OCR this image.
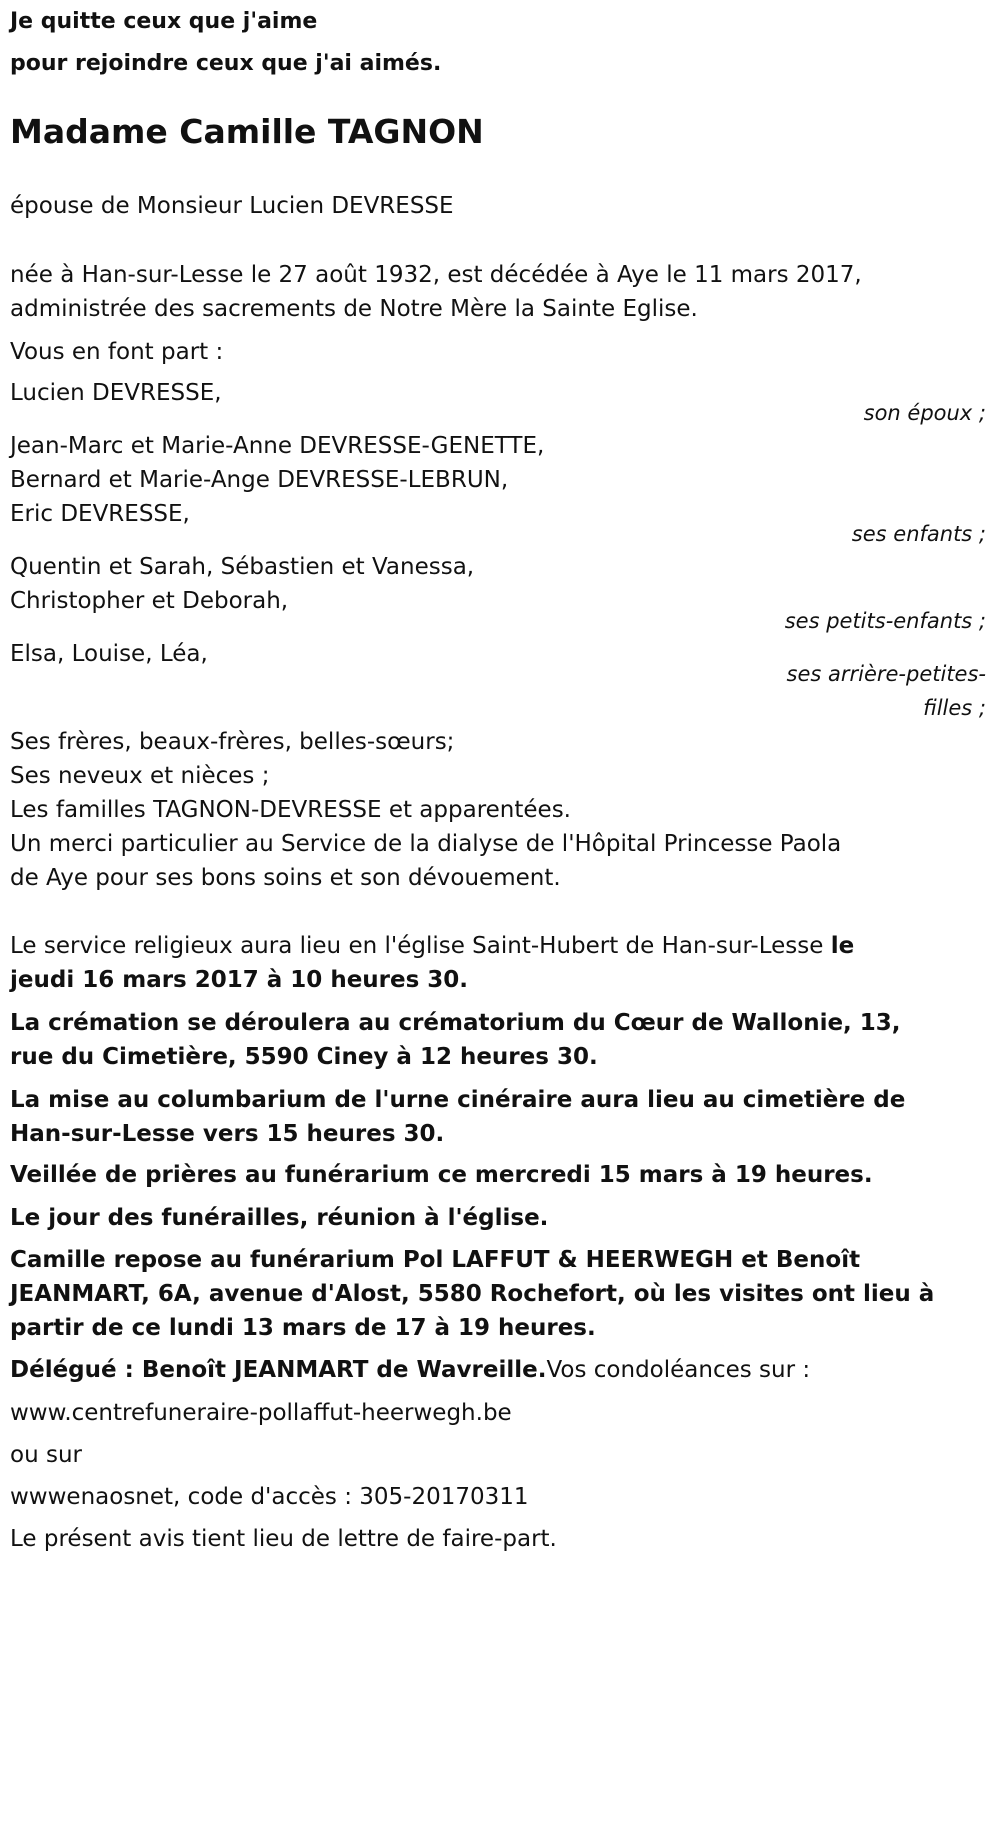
Je quitte ceux que j'aime

pour rejoindre ceux que j'ai aimés.

Madame Camille TAGNON

épouse de Monsieur Lucien DEVRESSE

née à Han-sur-Lesse le 27 août 1932, est décédée à Aye le 11 mars 2017,

administrée des sacrements de Notre Mère la Sainte Eglise.

Vous en font part :

Lucien DEVRESSE,

son époux ;

Jean-Marc et Marie-Anne DEVRESSE-GENETTE,

Bernard et Marie-Ange DEVRESSE-LEBRUN,

Eric DEVRESSE,

ses enfants ;

Quentin et Sarah, Sébastien et Vanessa,

Christopher et Deborah,

ses petits-enfants ;

Elsa, Louise, Léa,

ses arrière-petites-

filles ;

Ses frères, beaux-frères, belles-sœurs;

Ses neveux et nièces ;

Les familles TAGNON-DEVRESSE et apparentées.

Un merci particulier au Service de la dialyse de l'Hôpital Princesse Paola

de Aye pour ses bons soins et son dévouement.

Le service religieux aura lieu en l'église Saint-Hubert de Han-sur-Lesse le

jeudi 16 mars 2017 à 10 heures 30.

La crémation se déroulera au crématorium du Cœur de Wallonie, 13,

rue du Cimetière, 5590 Ciney à 12 heures 30.

La mise au columbarium de l'urne cinéraire aura lieu au cimetière de

Han-sur-Lesse vers 15 heures 30.

Veillée de prières au funérarium ce mercredi 15 mars à 19 heures.

Le jour des funérailles, réunion à l'église.

Camille repose au funérarium Pol LAFFUT & HEERWEGH et Benoît

JEANMART, 6A, avenue d'Alost, 5580 Rochefort, où les visites ont lieu à

partir de ce lundi 13 mars de 17 à 19 heures.

Délégué : Benoît JEANMART de Wavreille.Vos condoléances sur :

www.centrefuneraire-pollaffut-heerwegh.be

ou sur

wwwenaosnet, code d'accès : 305-20170311

Le présent avis tient lieu de lettre de faire-part.
